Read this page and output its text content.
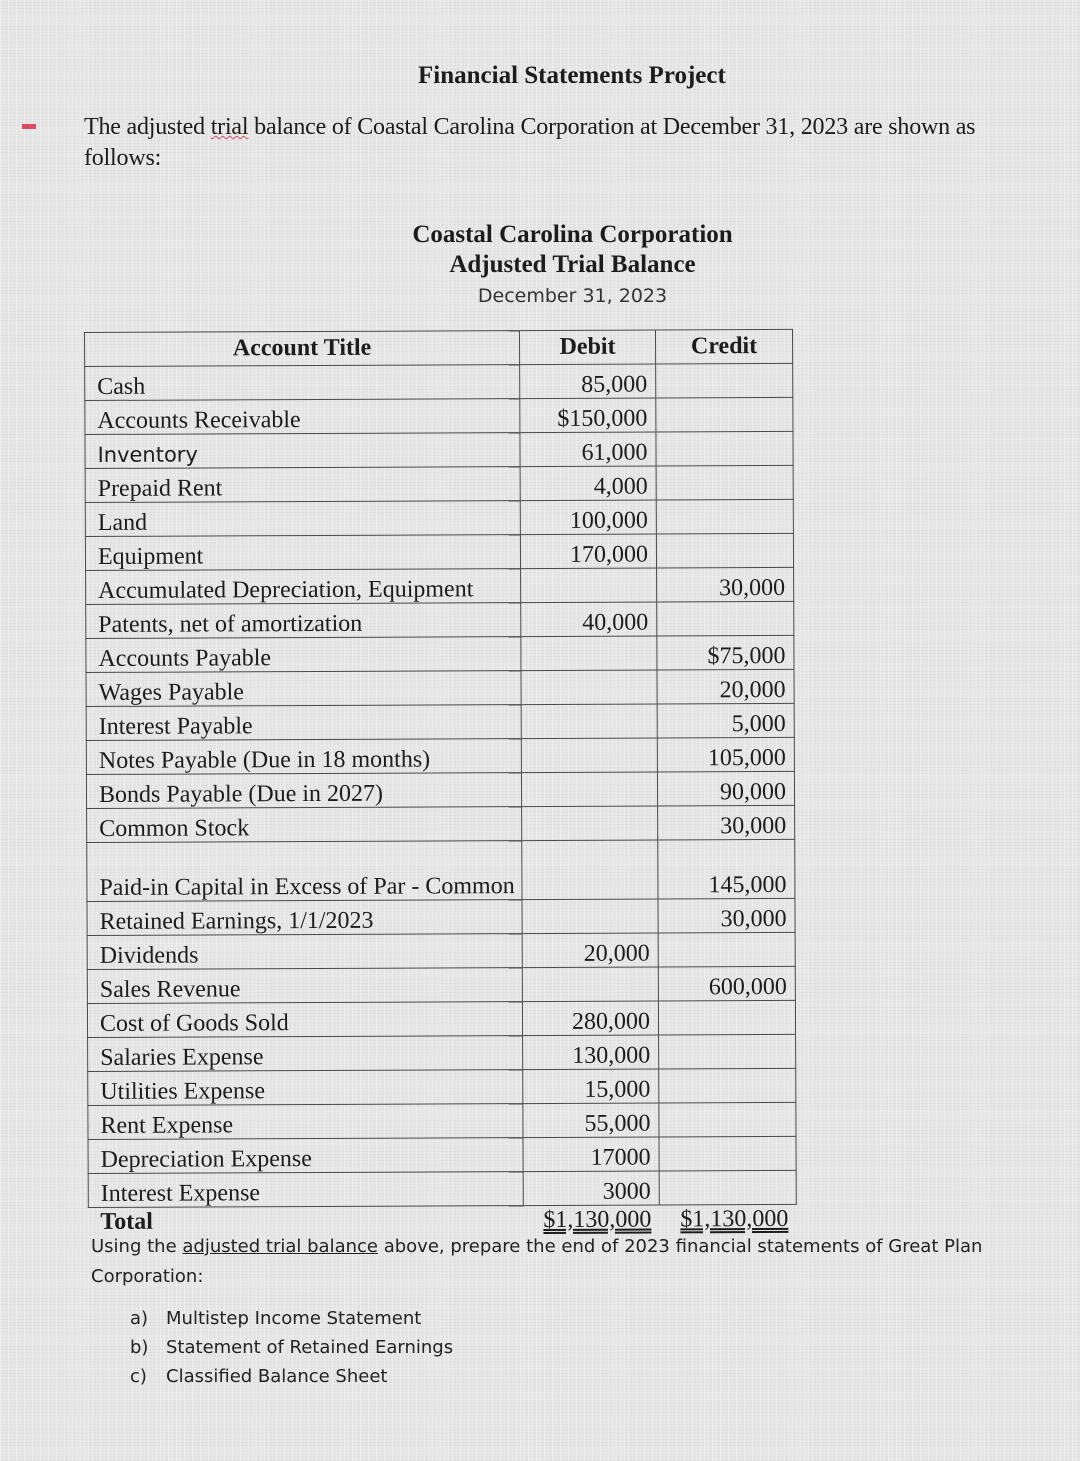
Financial Statements Project
The adjusted trial balance of Coastal Carolina Corporation at December 31, 2023 are shown as follows:
Coastal Carolina Corporation
Adjusted Trial Balance
December 31, 2023
Account Title	Debit	Credit
Cash	85,000	
Accounts Receivable	$150,000	
Inventory	61,000	
Prepaid Rent	4,000	
Land	100,000	
Equipment	170,000	
Accumulated Depreciation, Equipment		30,000
Patents, net of amortization	40,000	
Accounts Payable		$75,000
Wages Payable		20,000
Interest Payable		5,000
Notes Payable (Due in 18 months)		105,000
Bonds Payable (Due in 2027)		90,000
Common Stock		30,000
Paid-in Capital in Excess of Par - Common		145,000
Retained Earnings, 1/1/2023		30,000
Dividends	20,000	
Sales Revenue		600,000
Cost of Goods Sold	280,000	
Salaries Expense	130,000	
Utilities Expense	15,000	
Rent Expense	55,000	
Depreciation Expense	17000	
Interest Expense	3000	
Total	$1,130,000	$1,130,000
Using the adjusted trial balance above, prepare the end of 2023 financial statements of Great Plan Corporation:
a) Multistep Income Statement
b) Statement of Retained Earnings
c)	Classified Balance Sheet
